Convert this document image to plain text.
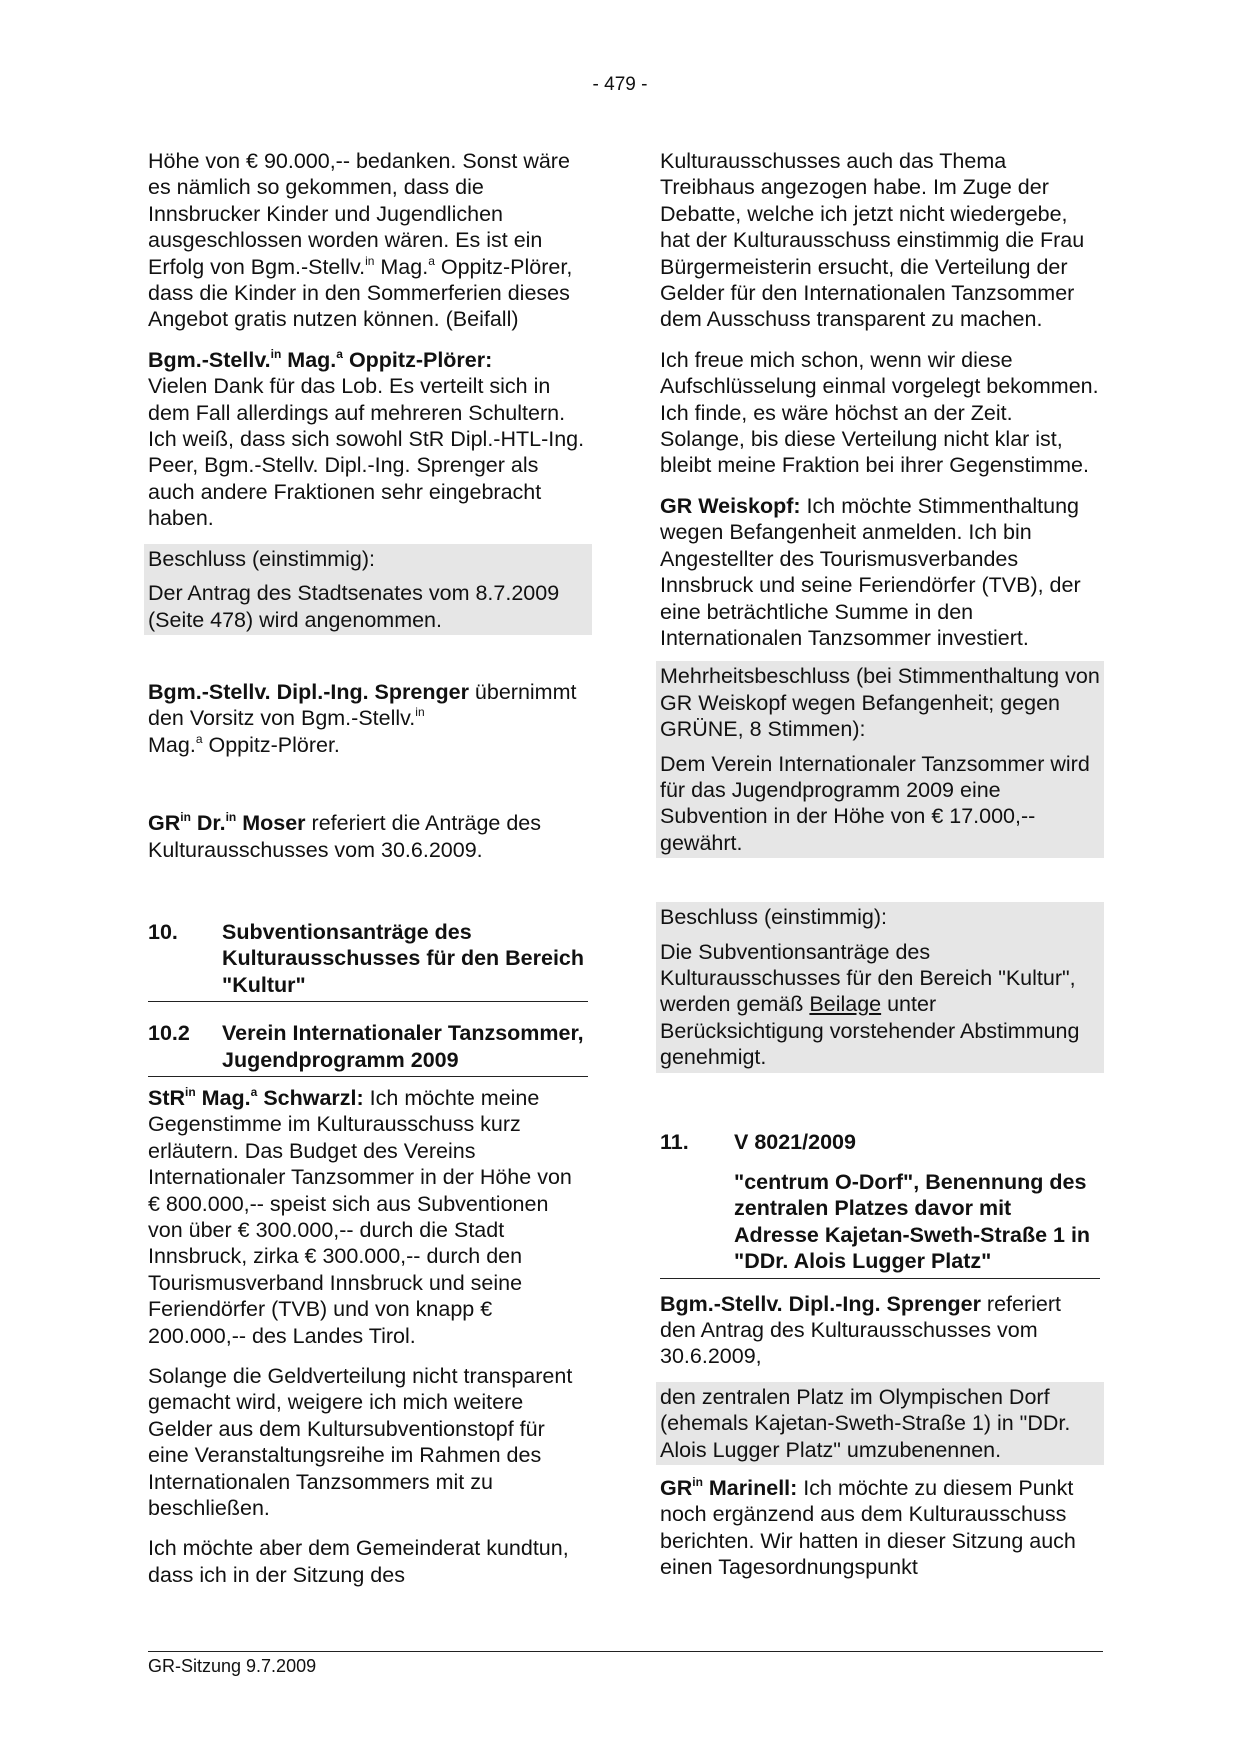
- 479 -

Höhe von € 90.000,-- bedanken. Sonst wäre es nämlich so gekommen, dass die Innsbrucker Kinder und Jugendlichen ausgeschlossen worden wären. Es ist ein Erfolg von Bgm.-Stellv.$^{in}$ Mag.$^a$ Oppitz-Plörer, dass die Kinder in den Sommerferien dieses Angebot gratis nutzen können. (Beifall)

Bgm.-Stellv.$^{in}$ Mag.$^a$ Oppitz-Plörer:
Vielen Dank für das Lob. Es verteilt sich in dem Fall allerdings auf mehreren Schultern. Ich weiß, dass sich sowohl StR Dipl.-HTL-Ing. Peer, Bgm.-Stellv. Dipl.-Ing. Sprenger als auch andere Fraktionen sehr eingebracht haben.

Beschluss (einstimmig):

Der Antrag des Stadtsenates vom 8.7.2009 (Seite 478) wird angenommen.

Bgm.-Stellv. Dipl.-Ing. Sprenger übernimmt den Vorsitz von Bgm.-Stellv.$^{in}$
Mag.$^a$ Oppitz-Plörer.

$GR^{in}$ Dr.$^{in}$ Moser referiert die Anträge des Kulturausschusses vom 30.6.2009.

10.	Subventionsanträge des Kulturausschusses für den Bereich "Kultur"
10.2	Verein Internationaler Tanzsommer, Jugendprogramm 2009

StR$^{in}$ Mag.$^a$ Schwarzl: Ich möchte meine Gegenstimme im Kulturausschuss kurz erläutern. Das Budget des Vereins Internationaler Tanzsommer in der Höhe von € 800.000,-- speist sich aus Subventionen von über € 300.000,-- durch die Stadt Innsbruck, zirka € 300.000,-- durch den Tourismusverband Innsbruck und seine Feriendörfer (TVB) und von knapp € 200.000,-- des Landes Tirol.

Solange die Geldverteilung nicht transparent gemacht wird, weigere ich mich weitere Gelder aus dem Kultursubventionstopf für eine Veranstaltungsreihe im Rahmen des Internationalen Tanzsommers mit zu beschließen.

Ich möchte aber dem Gemeinderat kundtun, dass ich in der Sitzung des

Kulturausschusses auch das Thema Treibhaus angezogen habe. Im Zuge der Debatte, welche ich jetzt nicht wiedergebe, hat der Kulturausschuss einstimmig die Frau Bürgermeisterin ersucht, die Verteilung der Gelder für den Internationalen Tanzsommer dem Ausschuss transparent zu machen.

Ich freue mich schon, wenn wir diese Aufschlüsselung einmal vorgelegt bekommen. Ich finde, es wäre höchst an der Zeit. Solange, bis diese Verteilung nicht klar ist, bleibt meine Fraktion bei ihrer Gegenstimme.

GR Weiskopf: Ich möchte Stimmenthaltung wegen Befangenheit anmelden. Ich bin Angestellter des Tourismusverbandes Innsbruck und seine Feriendörfer (TVB), der eine beträchtliche Summe in den Internationalen Tanzsommer investiert.

Mehrheitsbeschluss (bei Stimmenthaltung von GR Weiskopf wegen Befangenheit; gegen GRÜNE, 8 Stimmen):

Dem Verein Internationaler Tanzsommer wird für das Jugendprogramm 2009 eine Subvention in der Höhe von € 17.000,-- gewährt.

Beschluss (einstimmig):

Die Subventionsanträge des Kulturausschusses für den Bereich "Kultur", werden gemäß Beilage unter Berücksichtigung vorstehender Abstimmung genehmigt.

11.	V 8021/2009
"centrum O-Dorf", Benennung des zentralen Platzes davor mit Adresse Kajetan-Sweth-Straße 1 in "DDr. Alois Lugger Platz"

Bgm.-Stellv. Dipl.-Ing. Sprenger referiert den Antrag des Kulturausschusses vom 30.6.2009,

den zentralen Platz im Olympischen Dorf (ehemals Kajetan-Sweth-Straße 1) in "DDr. Alois Lugger Platz" umzubenennen.

$GR^{in}$ Marinell: Ich möchte zu diesem Punkt noch ergänzend aus dem Kulturausschuss berichten. Wir hatten in dieser Sitzung auch einen Tagesordnungspunkt

GR-Sitzung 9.7.2009
